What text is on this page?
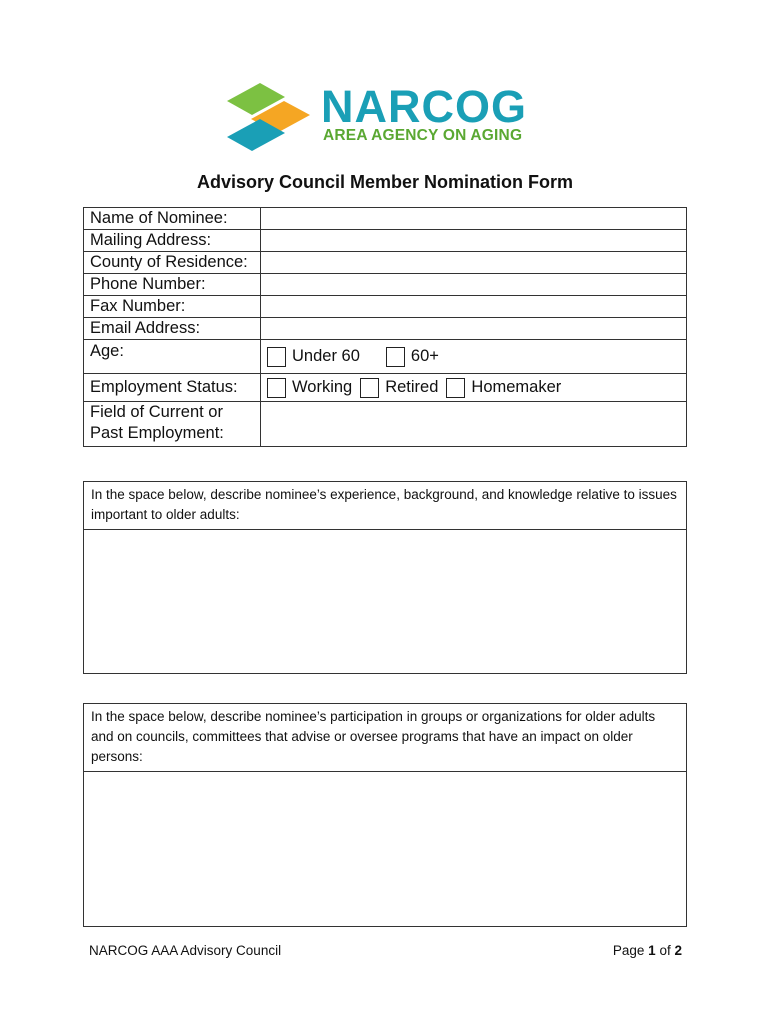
NARCOG
AREA AGENCY ON AGING
Advisory Council Member Nomination Form
Name of Nominee:	
Mailing Address:	
County of Residence:	
Phone Number:	
Fax Number:	
Email Address:	
Age:	Under 60 60+

Employment Status:	Working Retired Homemaker

Field of Current or
Past Employment:	

In the space below, describe nominee’s experience, background, and knowledge relative to issues important to older adults:
In the space below, describe nominee’s participation in groups or organizations for older adults and on councils, committees that advise or oversee programs that have an impact on older persons:
NARCOG AAA Advisory Council	Page 1 of 2
